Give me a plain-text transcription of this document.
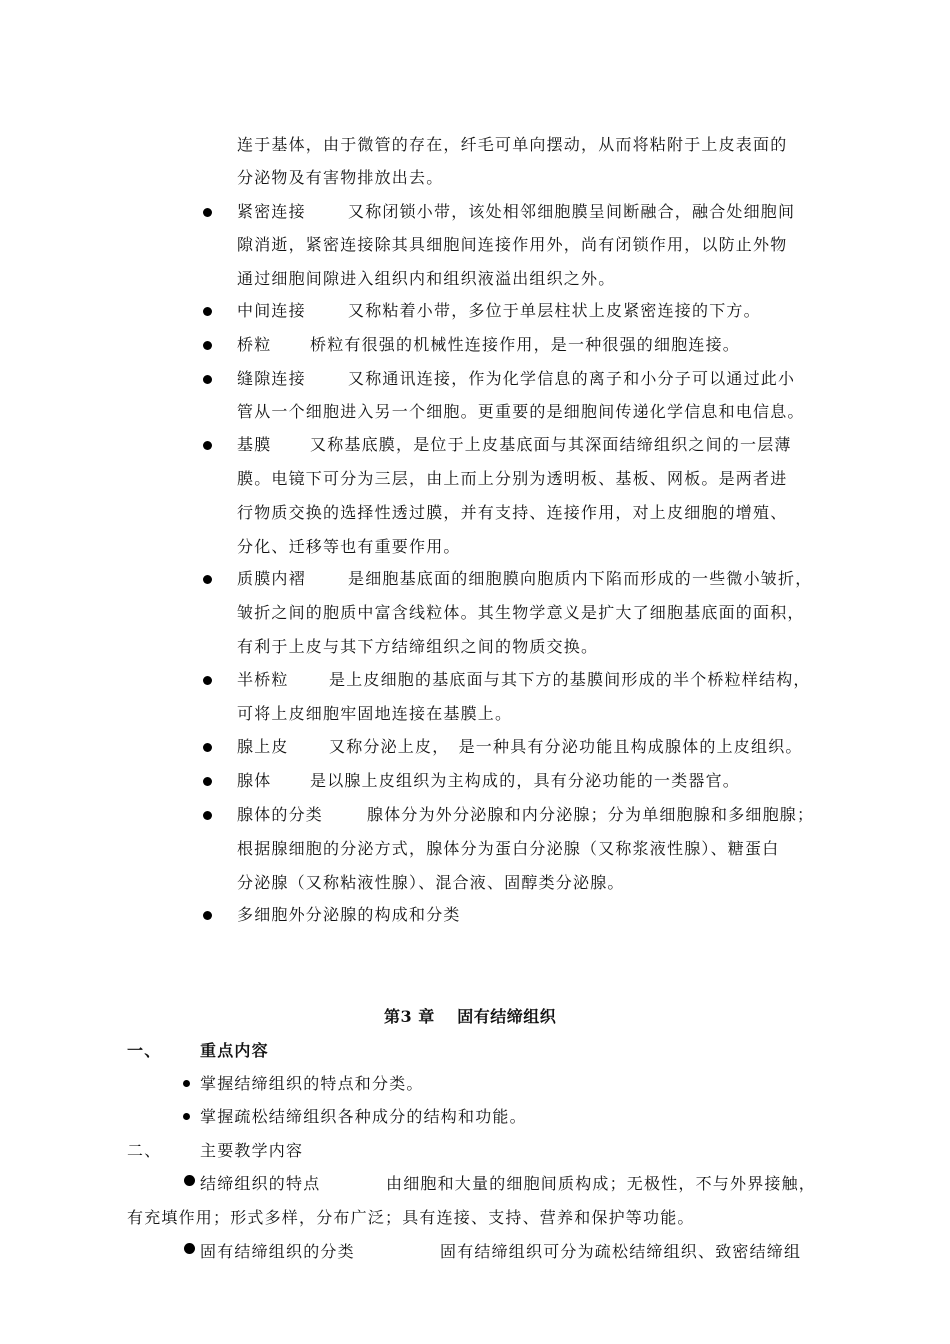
连于基体，由于微管的存在，纤毛可单向摆动，从而将粘附于上皮表面的
分泌物及有害物排放出去。
紧密连接	又称闭锁小带，该处相邻细胞膜呈间断融合，融合处细胞间
隙消逝，紧密连接除其具细胞间连接作用外，尚有闭锁作用，以防止外物
通过细胞间隙进入组织内和组织液溢出组织之外。
中间连接	又称粘着小带，多位于单层柱状上皮紧密连接的下方。
桥粒 桥粒有很强的机械性连接作用，是一种很强的细胞连接。
缝隙连接	又称通讯连接，作为化学信息的离子和小分子可以通过此小
管从一个细胞进入另一个细胞。更重要的是细胞间传递化学信息和电信息。
基膜 又称基底膜，是位于上皮基底面与其深面结缔组织之间的一层薄
膜。电镜下可分为三层，由上而上分别为透明板、基板、网板。是两者进
行物质交换的选择性透过膜，并有支持、连接作用，对上皮细胞的增殖、
分化、迁移等也有重要作用。
质膜内褶	是细胞基底面的细胞膜向胞质内下陷而形成的一些微小皱折，
皱折之间的胞质中富含线粒体。其生物学意义是扩大了细胞基底面的面积，
有利于上皮与其下方结缔组织之间的物质交换。
半桥粒	是上皮细胞的基底面与其下方的基膜间形成的半个桥粒样结构，
可将上皮细胞牢固地连接在基膜上。
腺上皮	又称分泌上皮，　是一种具有分泌功能且构成腺体的上皮组织。
腺体 是以腺上皮组织为主构成的，具有分泌功能的一类器官。
腺体的分类	腺体分为外分泌腺和内分泌腺；分为单细胞腺和多细胞腺；
根据腺细胞的分泌方式，腺体分为蛋白分泌腺（又称浆液性腺）、糖蛋白
分泌腺（又称粘液性腺）、混合液、固醇类分泌腺。
多细胞外分泌腺的构成和分类
第3 章　 固有结缔组织
一、 重点内容
掌握结缔组织的特点和分类。
掌握疏松结缔组织各种成分的结构和功能。
二、 主要教学内容
结缔组织的特点	由细胞和大量的细胞间质构成；无极性，不与外界接触，
有充填作用；形式多样，分布广泛；具有连接、支持、营养和保护等功能。
固有结缔组织的分类	固有结缔组织可分为疏松结缔组织、致密结缔组
